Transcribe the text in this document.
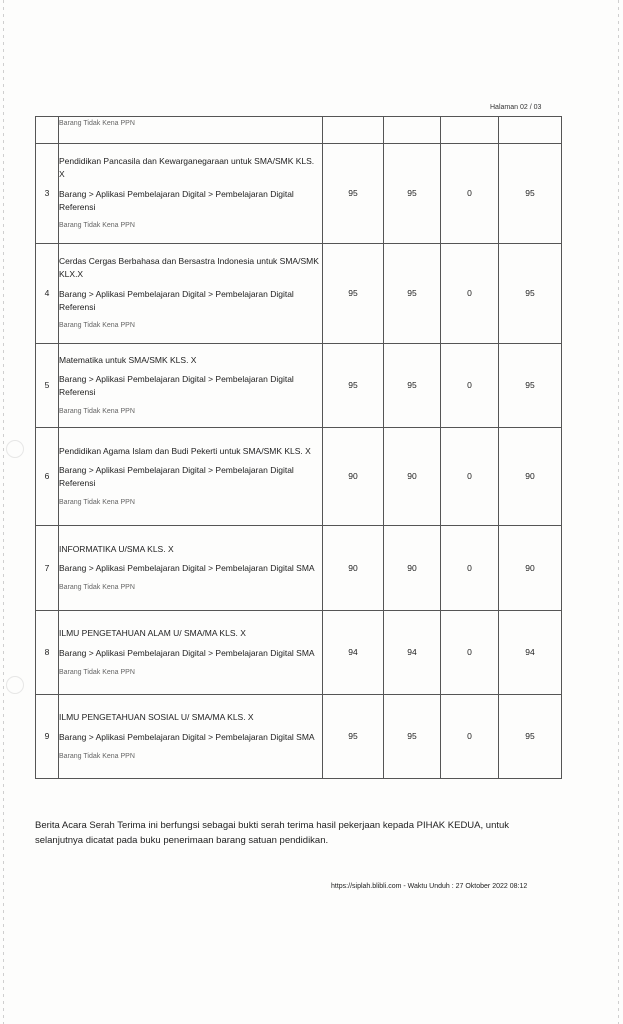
Halaman 02 / 03

	Barang Tidak Kena PPN				

3	Pendidikan Pancasila dan Kewarganegaraan untuk SMA/SMK KLS. X
Barang > Aplikasi Pembelajaran Digital > Pembelajaran Digital Referensi
Barang Tidak Kena PPN	95	95	0	95
4	Cerdas Cergas Berbahasa dan Bersastra Indonesia untuk SMA/SMK KLX.X
Barang > Aplikasi Pembelajaran Digital > Pembelajaran Digital Referensi
Barang Tidak Kena PPN	95	95	0	95
5	Matematika untuk SMA/SMK KLS. X
Barang > Aplikasi Pembelajaran Digital > Pembelajaran Digital Referensi
Barang Tidak Kena PPN	95	95	0	95
6	Pendidikan Agama Islam dan Budi Pekerti untuk SMA/SMK KLS. X
Barang > Aplikasi Pembelajaran Digital > Pembelajaran Digital Referensi
Barang Tidak Kena PPN	90	90	0	90
7	INFORMATIKA U/SMA KLS. X
Barang > Aplikasi Pembelajaran Digital > Pembelajaran Digital SMA
Barang Tidak Kena PPN	90	90	0	90
8	ILMU PENGETAHUAN ALAM U/ SMA/MA KLS. X
Barang > Aplikasi Pembelajaran Digital > Pembelajaran Digital SMA
Barang Tidak Kena PPN	94	94	0	94
9	ILMU PENGETAHUAN SOSIAL U/ SMA/MA KLS. X
Barang > Aplikasi Pembelajaran Digital > Pembelajaran Digital SMA
Barang Tidak Kena PPN	95	95	0	95
Berita Acara Serah Terima ini berfungsi sebagai bukti serah terima hasil pekerjaan kepada PIHAK KEDUA, untuk selanjutnya dicatat pada buku penerimaan barang satuan pendidikan.
https://siplah.blibli.com - Waktu Unduh : 27 Oktober 2022 08:12
